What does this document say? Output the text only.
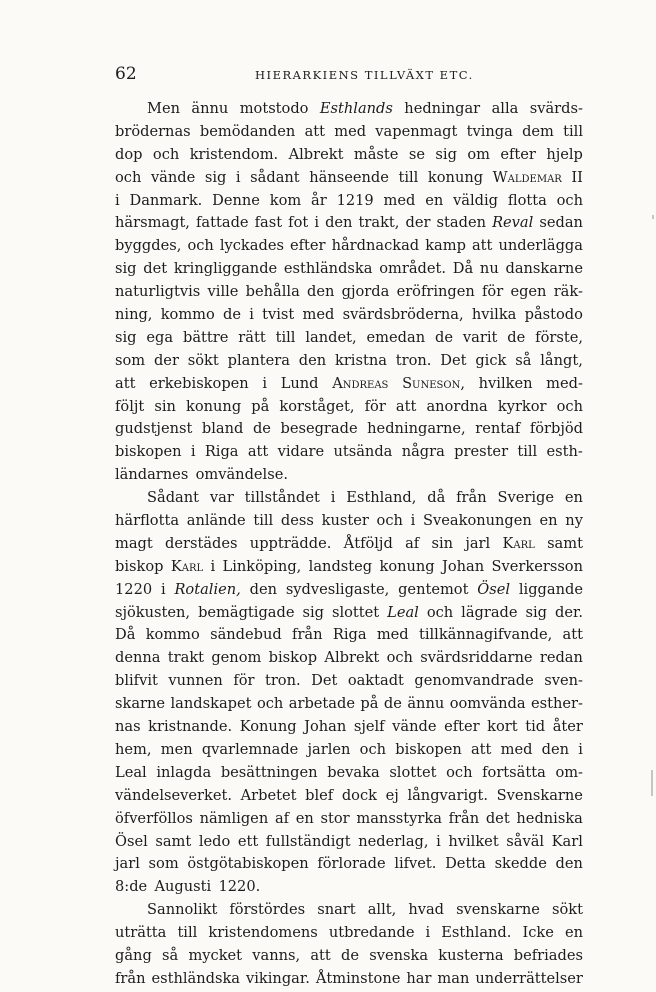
62	HIERARKIENS TILLVÄXT ETC.
Men ännu motstodo Esthlands hedningar alla svärds-
brödernas bemödanden att med vapenmagt tvinga dem till
dop och kristendom. Albrekt måste se sig om efter hjelp
och vände sig i sådant hänseende till konung Waldemar II
i Danmark. Denne kom år 1219 med en väldig flotta och
härsmagt, fattade fast fot i den trakt, der staden Reval sedan
byggdes, och lyckades efter hårdnackad kamp att underlägga
sig det kringliggande esthländska området. Då nu danskarne
naturligtvis ville behålla den gjorda eröfringen för egen räk-
ning, kommo de i tvist med svärdsbröderna, hvilka påstodo
sig ega bättre rätt till landet, emedan de varit de förste,
som der sökt plantera den kristna tron. Det gick så långt,
att erkebiskopen i Lund Andreas Suneson, hvilken med-
följt sin konung på korståget, för att anordna kyrkor och
gudstjenst bland de besegrade hedningarne, rentaf förbjöd
biskopen i Riga att vidare utsända några prester till esth-
ländarnes omvändelse.
Sådant var tillståndet i Esthland, då från Sverige en
härflotta anlände till dess kuster och i Sveakonungen en ny
magt derstädes uppträdde. Åtföljd af sin jarl Karl samt
biskop Karl i Linköping, landsteg konung Johan Sverkersson
1220 i Rotalien, den sydvesligaste, gentemot Ösel liggande
sjökusten, bemägtigade sig slottet Leal och lägrade sig der.
Då kommo sändebud från Riga med tillkännagifvande, att
denna trakt genom biskop Albrekt och svärdsriddarne redan
blifvit vunnen för tron. Det oaktadt genomvandrade sven-
skarne landskapet och arbetade på de ännu oomvända esther-
nas kristnande. Konung Johan sjelf vände efter kort tid åter
hem, men qvarlemnade jarlen och biskopen att med den i
Leal inlagda besättningen bevaka slottet och fortsätta om-
vändelseverket. Arbetet blef dock ej långvarigt. Svenskarne
öfverföllos nämligen af en stor mansstyrka från det hedniska
Ösel samt ledo ett fullständigt nederlag, i hvilket såväl Karl
jarl som östgötabiskopen förlorade lifvet. Detta skedde den
8:de Augusti 1220.
Sannolikt förstördes snart allt, hvad svenskarne sökt
uträtta till kristendomens utbredande i Esthland. Icke en
gång så mycket vanns, att de svenska kusterna befriades
från esthländska vikingar. Åtminstone har man underrättelser
